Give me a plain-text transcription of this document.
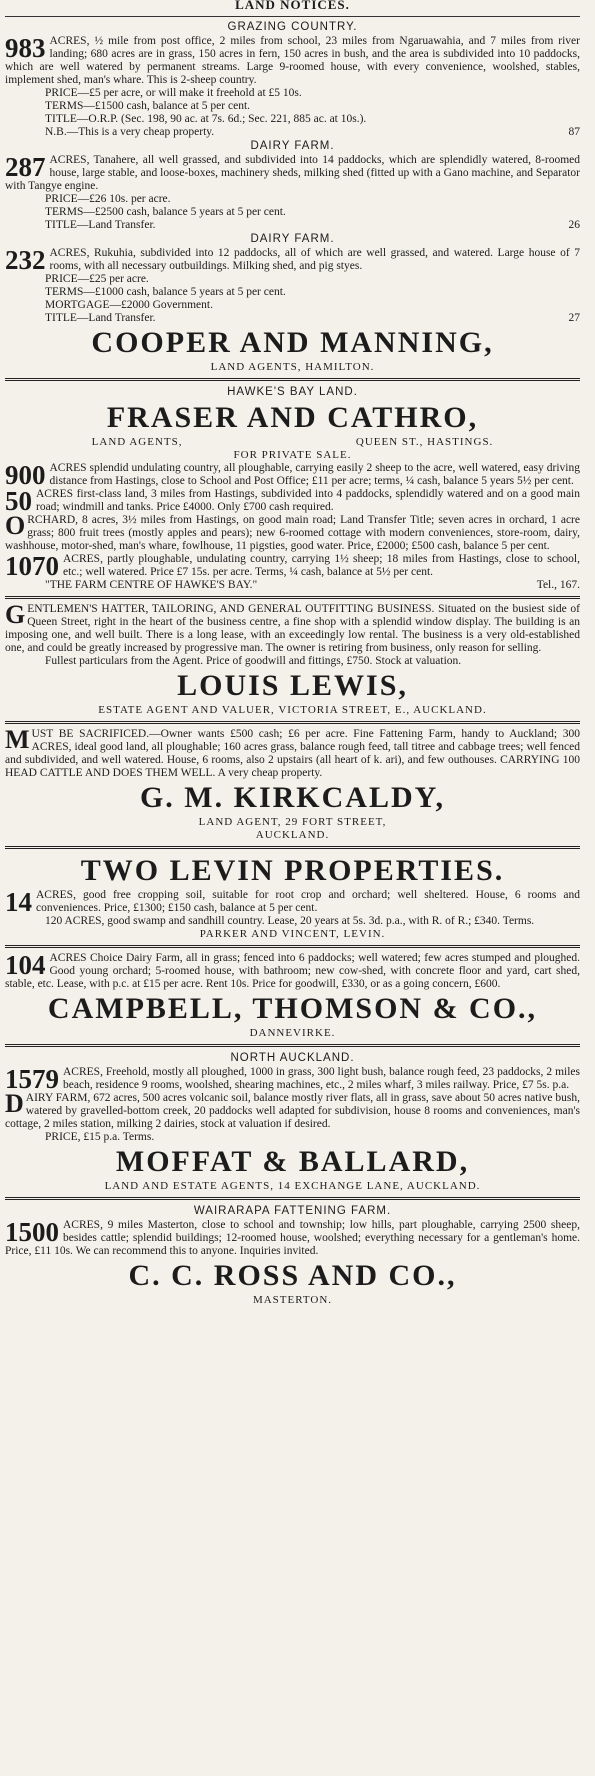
LAND NOTICES.
GRAZING COUNTRY.

983 ACRES, ½ mile from post office, 2 miles from school, 23 miles from Ngaruawahia, and 7 miles from river landing; 680 acres are in grass, 150 acres in fern, 150 acres in bush, and the area is subdivided into 10 paddocks, which are well watered by permanent streams. Large 9-roomed house, with every convenience, woolshed, stables, implement shed, man's whare. This is 2-sheep country.

PRICE—£5 per acre, or will make it freehold at £5 10s.
TERMS—£1500 cash, balance at 5 per cent.
TITLE—O.R.P. (Sec. 198, 90 ac. at 7s. 6d.; Sec. 221, 885 ac. at 10s.).
N.B.—This is a very cheap property.	87
DAIRY FARM.

287 ACRES, Tanahere, all well grassed, and subdivided into 14 paddocks, which are splendidly watered, 8-roomed house, large stable, and loose-boxes, machinery sheds, milking shed (fitted up with a Gano machine, and Separator with Tangye engine.

PRICE—£26 10s. per acre.
TERMS—£2500 cash, balance 5 years at 5 per cent.
TITLE—Land Transfer.	26
DAIRY FARM.

232 ACRES, Rukuhia, subdivided into 12 paddocks, all of which are well grassed, and watered. Large house of 7 rooms, with all necessary outbuildings. Milking shed, and pig styes.

PRICE—£25 per acre.
TERMS—£1000 cash, balance 5 years at 5 per cent.
MORTGAGE—£2000 Government.
TITLE—Land Transfer.	27
COOPER AND MANNING,
LAND AGENTS, HAMILTON.
HAWKE'S BAY LAND.
FRASER AND CATHRO,
LAND AGENTS,	QUEEN ST., HASTINGS.
FOR PRIVATE SALE.

900 ACRES splendid undulating country, all ploughable, carrying easily 2 sheep to the acre, well watered, easy driving distance from Hastings, close to School and Post Office; £11 per acre; terms, ¼ cash, balance 5 years 5½ per cent.

50 ACRES first-class land, 3 miles from Hastings, subdivided into 4 paddocks, splendidly watered and on a good main road; windmill and tanks. Price £4000. Only £700 cash required.

ORCHARD, 8 acres, 3½ miles from Hastings, on good main road; Land Transfer Title; seven acres in orchard, 1 acre grass; 800 fruit trees (mostly apples and pears); new 6-roomed cottage with modern conveniences, store-room, dairy, washhouse, motor-shed, man's whare, fowlhouse, 11 pigsties, good water. Price, £2000; £500 cash, balance 5 per cent.

1070 ACRES, partly ploughable, undulating country, carrying 1½ sheep; 18 miles from Hastings, close to school, etc.; well watered. Price £7 15s. per acre. Terms, ¼ cash, balance at 5½ per cent.

"THE FARM CENTRE OF HAWKE'S BAY."	Tel., 167.

GENTLEMEN'S HATTER, TAILORING, AND GENERAL OUTFITTING BUSINESS. Situated on the busiest side of Queen Street, right in the heart of the business centre, a fine shop with a splendid window display. The building is an imposing one, and well built. There is a long lease, with an exceedingly low rental. The business is a very old-established one, and could be greatly increased by progressive man. The owner is retiring from business, only reason for selling.

Fullest particulars from the Agent. Price of goodwill and fittings, £750. Stock at valuation.
LOUIS LEWIS,
ESTATE AGENT AND VALUER, VICTORIA STREET, E., AUCKLAND.

MUST BE SACRIFICED.—Owner wants £500 cash; £6 per acre. Fine Fattening Farm, handy to Auckland; 300 ACRES, ideal good land, all ploughable; 160 acres grass, balance rough feed, tall titree and cabbage trees; well fenced and subdivided, and well watered. House, 6 rooms, also 2 upstairs (all heart of k. ari), and few outhouses. CARRYING 100 HEAD CATTLE AND DOES THEM WELL. A very cheap property.

G. M. KIRKCALDY,
LAND AGENT, 29 FORT STREET,
AUCKLAND.
TWO LEVIN PROPERTIES.

14 ACRES, good free cropping soil, suitable for root crop and orchard; well sheltered. House, 6 rooms and conveniences. Price, £1300; £150 cash, balance at 5 per cent.

120 ACRES, good swamp and sandhill country. Lease, 20 years at 5s. 3d. p.a., with R. of R.; £340. Terms.
PARKER AND VINCENT, LEVIN.

104 ACRES Choice Dairy Farm, all in grass; fenced into 6 paddocks; well watered; few acres stumped and ploughed. Good young orchard; 5-roomed house, with bathroom; new cow-shed, with concrete floor and yard, cart shed, stable, etc. Lease, with p.c. at £15 per acre. Rent 10s. Price for goodwill, £330, or as a going concern, £600.

CAMPBELL, THOMSON & CO.,
DANNEVIRKE.
NORTH AUCKLAND.

1579 ACRES, Freehold, mostly all ploughed, 1000 in grass, 300 light bush, balance rough feed, 23 paddocks, 2 miles beach, residence 9 rooms, woolshed, shearing machines, etc., 2 miles wharf, 3 miles railway. Price, £7 5s. p.a.

DAIRY FARM, 672 acres, 500 acres volcanic soil, balance mostly river flats, all in grass, save about 50 acres native bush, watered by gravelled-bottom creek, 20 paddocks well adapted for subdivision, house 8 rooms and conveniences, man's cottage, 2 miles station, milking 2 dairies, stock at valuation if desired.

PRICE, £15 p.a. Terms.
MOFFAT & BALLARD,
LAND AND ESTATE AGENTS, 14 EXCHANGE LANE, AUCKLAND.
WAIRARAPA FATTENING FARM.

1500 ACRES, 9 miles Masterton, close to school and township; low hills, part ploughable, carrying 2500 sheep, besides cattle; splendid buildings; 12-roomed house, woolshed; everything necessary for a gentleman's home. Price, £11 10s. We can recommend this to anyone. Inquiries invited.

C. C. ROSS AND CO.,
MASTERTON.
